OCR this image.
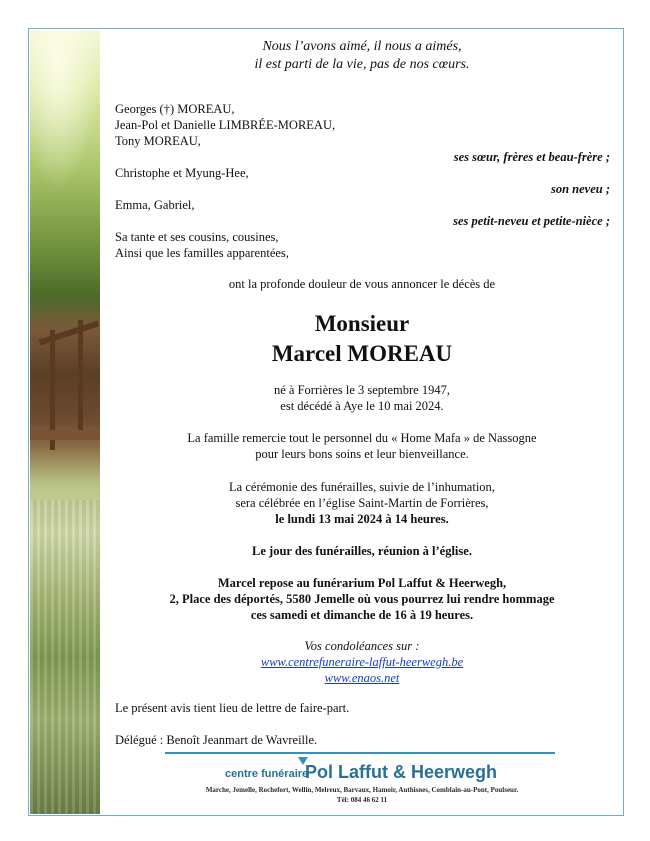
Nous l’avons aimé, il nous a aimés,
il est parti de la vie, pas de nos cœurs.
Georges (†) MOREAU,
Jean-Pol et Danielle LIMBRÉE-MOREAU,
Tony MOREAU,
ses sœur, frères et beau-frère ;
Christophe et Myung-Hee,
son neveu ;
Emma, Gabriel,
ses petit-neveu et petite-nièce ;
Sa tante et ses cousins, cousines,
Ainsi que les familles apparentées,
ont la profonde douleur de vous annoncer le décès de
Monsieur
Marcel MOREAU
né à Forrières le 3 septembre 1947,
est décédé à Aye le 10 mai 2024.
La famille remercie tout le personnel du « Home Mafa » de Nassogne
pour leurs bons soins et leur bienveillance.
La cérémonie des funérailles, suivie de l’inhumation,
sera célébrée en l’église Saint-Martin de Forrières,
le lundi 13 mai 2024 à 14 heures.
Le jour des funérailles, réunion à l’église.
Marcel repose au funérarium Pol Laffut & Heerwegh,
2, Place des déportés, 5580 Jemelle où vous pourrez lui rendre hommage
ces samedi et dimanche de 16 à 19 heures.
Vos condoléances sur :
www.centrefuneraire-laffut-heerwegh.be
www.enaos.net
Le présent avis tient lieu de lettre de faire-part.
Délégué : Benoît Jeanmart de Wavreille.
centre funéraire
Pol Laffut & Heerwegh
Marche, Jemelle, Rochefort, Wellin, Melreux, Barvaux, Hamoir, Authisnes, Comblain-au-Pont, Poulseur.
Tél: 084 46 62 11
